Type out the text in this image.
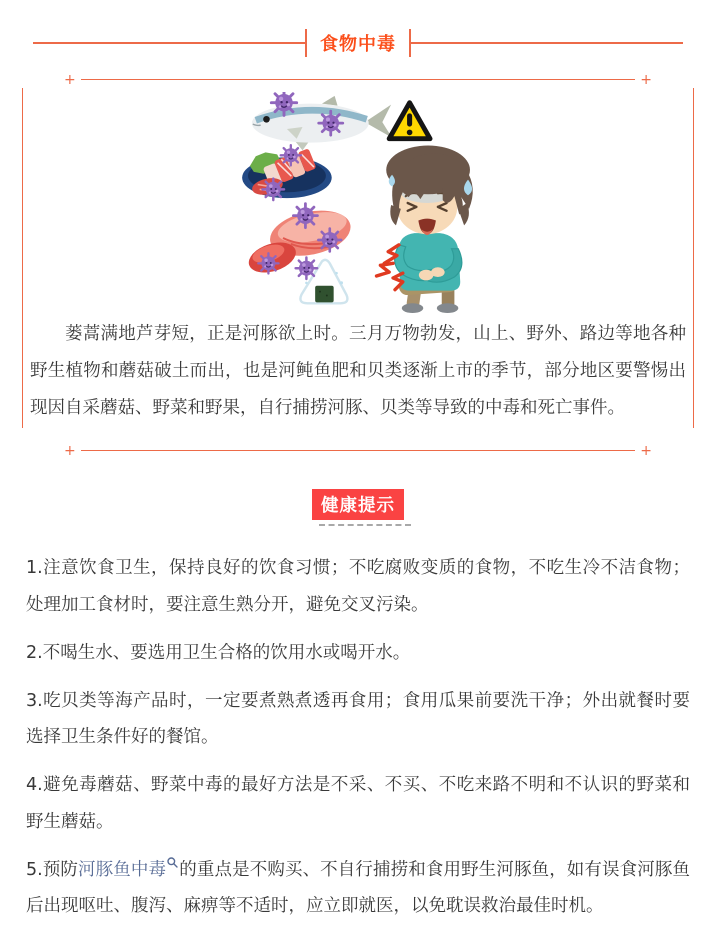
食物中毒
+	+

蒌蒿满地芦芽短，正是河豚欲上时。三月万物勃发，山上、野外、路边等地各种野生植物和蘑菇破土而出，也是河鲀鱼肥和贝类逐渐上市的季节，部分地区要警惕出现因自采蘑菇、野菜和野果，自行捕捞河豚、贝类等导致的中毒和死亡事件。

+	+
健康提示

1.注意饮食卫生，保持良好的饮食习惯；不吃腐败变质的食物，不吃生冷不洁食物；处理加工食材时，要注意生熟分开，避免交叉污染。

2.不喝生水、要选用卫生合格的饮用水或喝开水。

3.吃贝类等海产品时，一定要煮熟煮透再食用；食用瓜果前要洗干净；外出就餐时要选择卫生条件好的餐馆。

4.避免毒蘑菇、野菜中毒的最好方法是不采、不买、不吃来路不明和不认识的野菜和野生蘑菇。

5.预防河豚鱼中毒 的重点是不购买、不自行捕捞和食用野生河豚鱼，如有误食河豚鱼后出现呕吐、腹泻、麻痹等不适时，应立即就医，以免耽误救治最佳时机。
